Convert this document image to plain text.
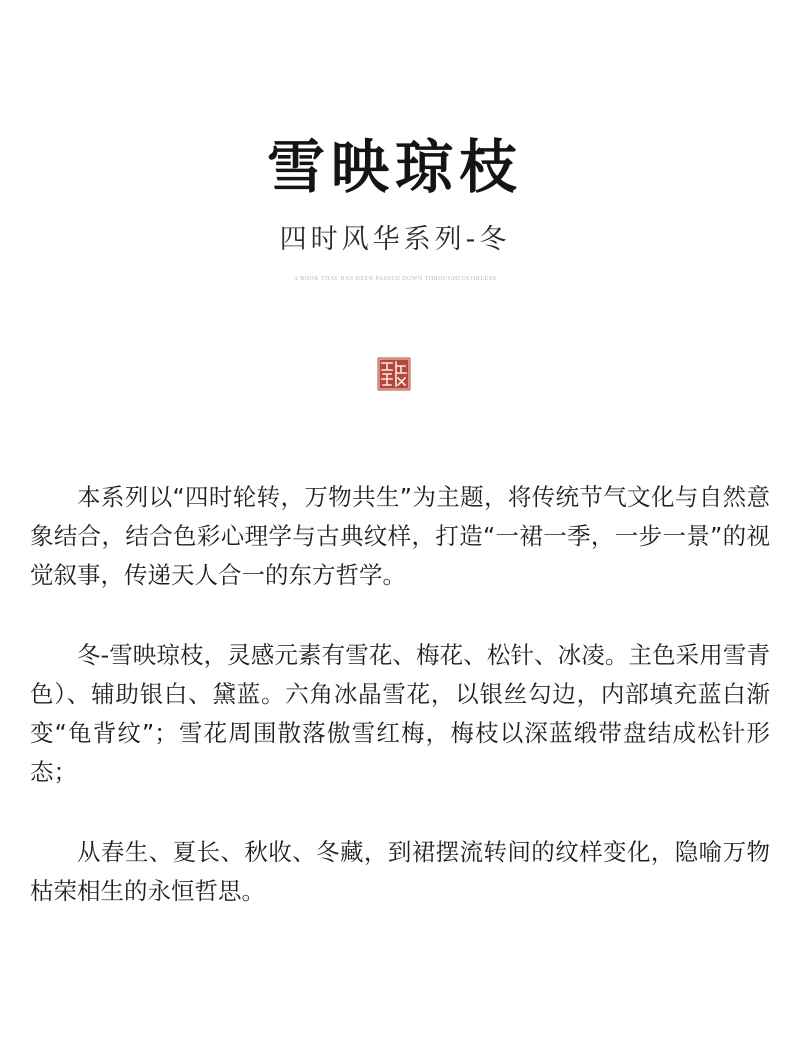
雪映琼枝
四时风华系列-冬
A BOOK THAT HAS BEEN PASSED DOWN THROUGHCOLORLESS

本系列以“四时轮转，万物共生”为主题，将传统节气文化与自然意象结合，结合色彩心理学与古典纹样，打造“一裙一季，一步一景”的视觉叙事，传递天人合一的东方哲学。

冬-雪映琼枝，灵感元素有雪花、梅花、松针、冰凌。主色采用雪青色）、辅助银白、黛蓝。六角冰晶雪花，以银丝勾边，内部填充蓝白渐变“龟背纹”；雪花周围散落傲雪红梅，梅枝以深蓝缎带盘结成松针形态；

从春生、夏长、秋收、冬藏，到裙摆流转间的纹样变化，隐喻万物枯荣相生的永恒哲思。
